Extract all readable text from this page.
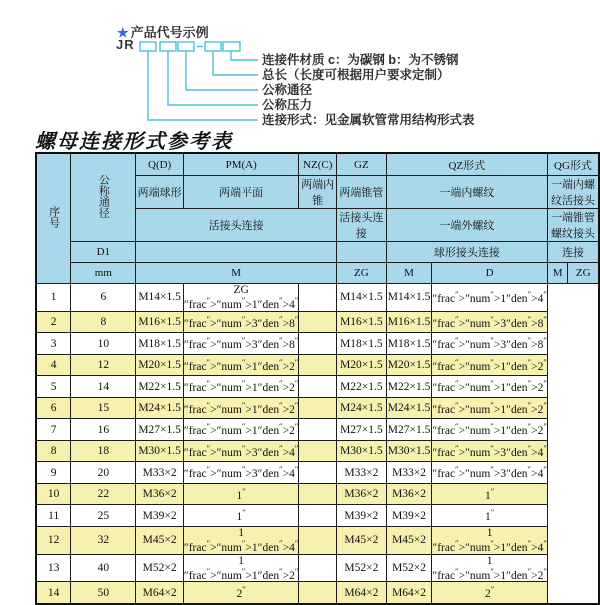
★ 产品代号示例
JR
连接件材质 c：为碳钢 b：为不锈钢
总长（长度可根据用户要求定制）
公称通径
公称压力
连接形式：见金属软管常用结构形式表
螺母连接形式参考表
序号	公称通径	Q(D)	PM(A)	NZ(C)	GZ	QZ形式		QG形式	
		两端球形	两端平面	两端内锥	两端锥管	一端内螺纹		一端内螺纹活接头	
		活接头连接			活接头连接	一端外螺纹		一端锥管螺纹接头	
	D1					球形接头连接		连接	
	mm	M			ZG	M	D	M	ZG
1	6	M14×1.5	ZG ″frac″>″num″>1″den″>4″		M14×1.5	M14×1.5	″frac″>″num″>1″den″>4″
2	8	M16×1.5	″frac″>″num″>3″den″>8″		M16×1.5	M16×1.5	″frac″>″num″>3″den″>8″
3	10	M18×1.5	″frac″>″num″>3″den″>8″		M18×1.5	M18×1.5	″frac″>″num″>3″den″>8″
4	12	M20×1.5	″frac″>″num″>1″den″>2″		M20×1.5	M20×1.5	″frac″>″num″>1″den″>2″
5	14	M22×1.5	″frac″>″num″>1″den″>2″		M22×1.5	M22×1.5	″frac″>″num″>1″den″>2″
6	15	M24×1.5	″frac″>″num″>1″den″>2″		M24×1.5	M24×1.5	″frac″>″num″>1″den″>2″
7	16	M27×1.5	″frac″>″num″>1″den″>2″		M27×1.5	M27×1.5	″frac″>″num″>1″den″>2″
8	18	M30×1.5	″frac″>″num″>3″den″>4″		M30×1.5	M30×1.5	″frac″>″num″>3″den″>4″
9	20	M33×2	″frac″>″num″>3″den″>4″		M33×2	M33×2	″frac″>″num″>3″den″>4″
10	22	M36×2	1″		M36×2	M36×2	1″
11	25	M39×2	1″		M39×2	M39×2	1″
12	32	M45×2	1 ″frac″>″num″>1″den″>4″		M45×2	M45×2	1 ″frac″>″num″>1″den″>4″
13	40	M52×2	1 ″frac″>″num″>1″den″>2″		M52×2	M52×2	1 ″frac″>″num″>1″den″>2″
14	50	M64×2	2″		M64×2	M64×2	2″
